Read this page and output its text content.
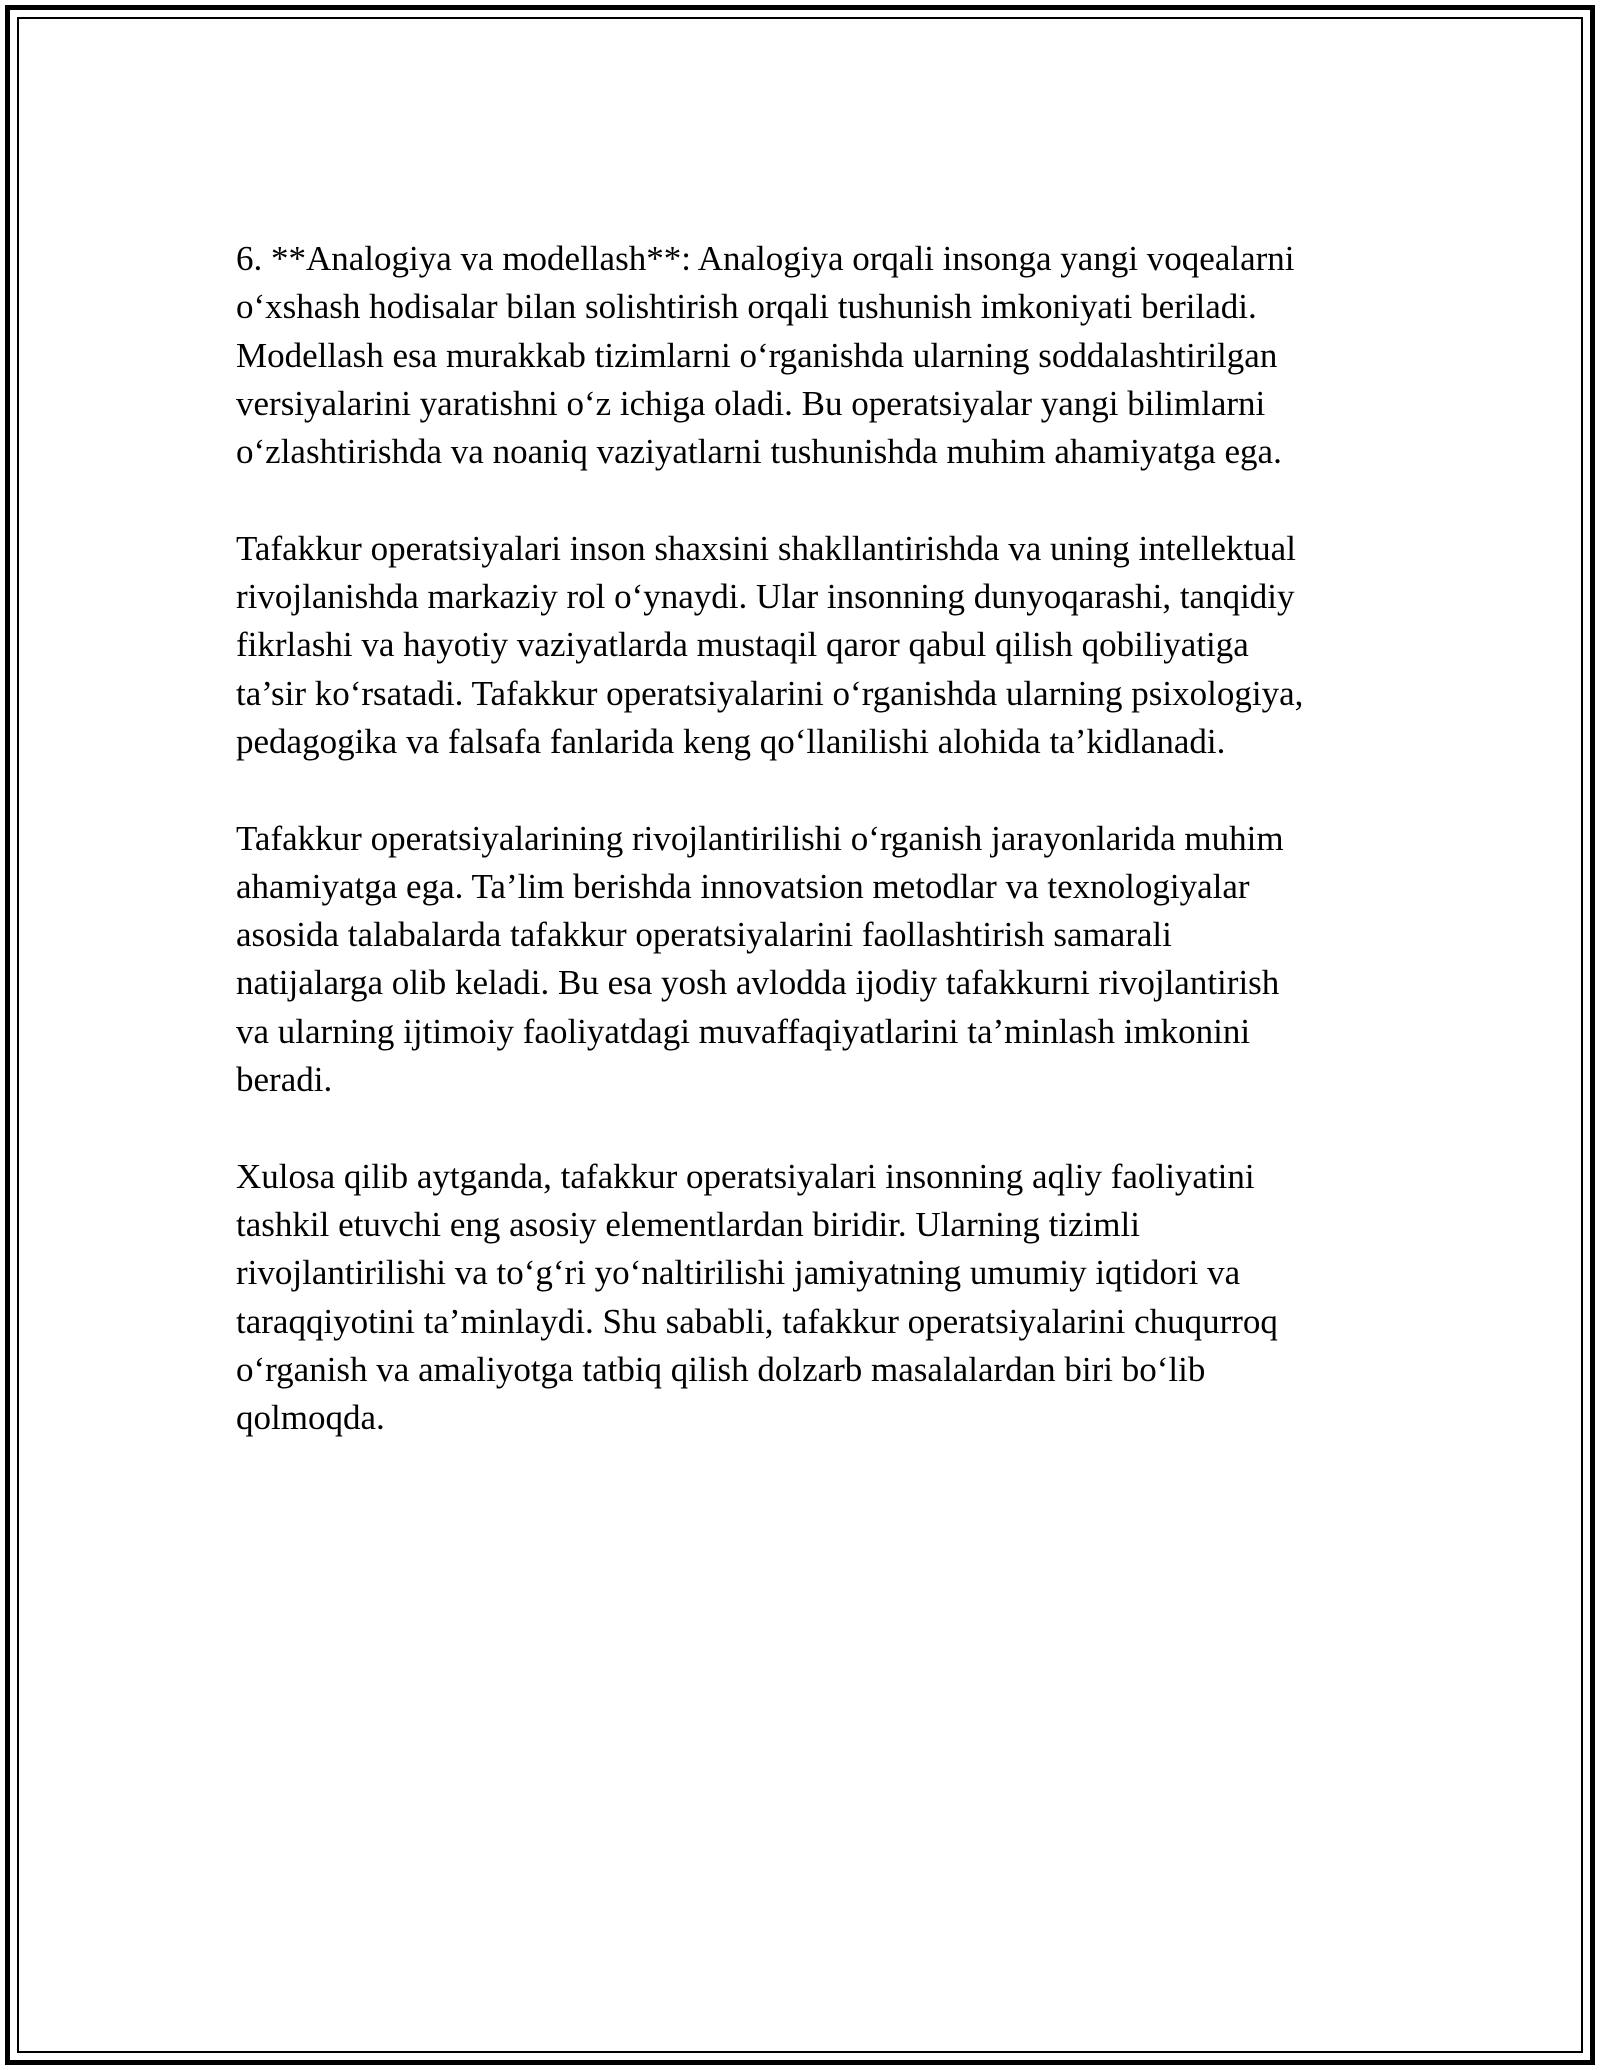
6. **Analogiya va modellash**: Analogiya orqali insonga yangi voqealarni
o‘xshash hodisalar bilan solishtirish orqali tushunish imkoniyati beriladi.
Modellash esa murakkab tizimlarni o‘rganishda ularning soddalashtirilgan
versiyalarini yaratishni o‘z ichiga oladi. Bu operatsiyalar yangi bilimlarni
o‘zlashtirishda va noaniq vaziyatlarni tushunishda muhim ahamiyatga ega.

Tafakkur operatsiyalari inson shaxsini shakllantirishda va uning intellektual
rivojlanishda markaziy rol o‘ynaydi. Ular insonning dunyoqarashi, tanqidiy
fikrlashi va hayotiy vaziyatlarda mustaqil qaror qabul qilish qobiliyatiga
ta’sir ko‘rsatadi. Tafakkur operatsiyalarini o‘rganishda ularning psixologiya,
pedagogika va falsafa fanlarida keng qo‘llanilishi alohida ta’kidlanadi.

Tafakkur operatsiyalarining rivojlantirilishi o‘rganish jarayonlarida muhim
ahamiyatga ega. Ta’lim berishda innovatsion metodlar va texnologiyalar
asosida talabalarda tafakkur operatsiyalarini faollashtirish samarali
natijalarga olib keladi. Bu esa yosh avlodda ijodiy tafakkurni rivojlantirish
va ularning ijtimoiy faoliyatdagi muvaffaqiyatlarini ta’minlash imkonini
beradi.

Xulosa qilib aytganda, tafakkur operatsiyalari insonning aqliy faoliyatini
tashkil etuvchi eng asosiy elementlardan biridir. Ularning tizimli
rivojlantirilishi va to‘g‘ri yo‘naltirilishi jamiyatning umumiy iqtidori va
taraqqiyotini ta’minlaydi. Shu sababli, tafakkur operatsiyalarini chuqurroq
o‘rganish va amaliyotga tatbiq qilish dolzarb masalalardan biri bo‘lib
qolmoqda.
